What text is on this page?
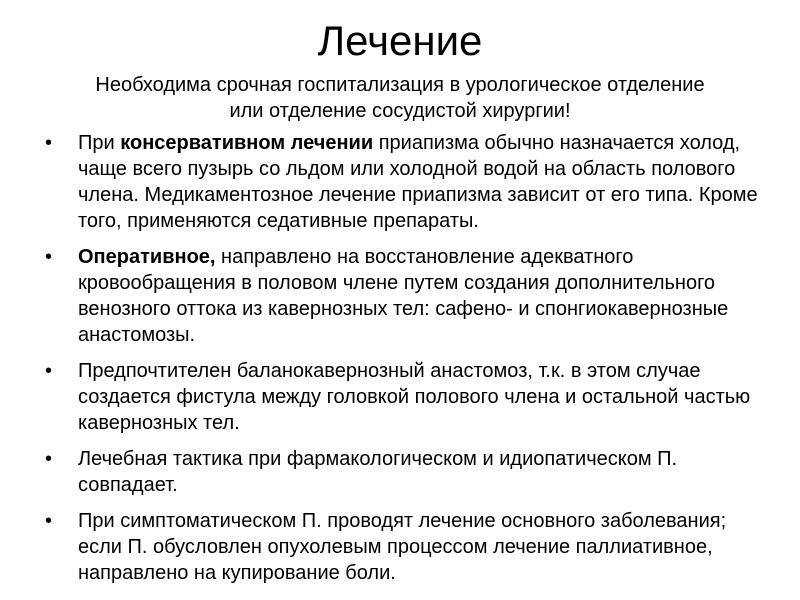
Лечение

Необходима срочная госпитализация в урологическое отделение
или отделение сосудистой хирургии!

• При консервативном лечении приапизма обычно назначается холод, чаще всего пузырь со льдом или холодной водой на область полового члена. Медикаментозное лечение приапизма зависит от его типа. Кроме того, применяются седативные препараты.
• Оперативное, направлено на восстановление адекватного кровообращения в половом члене путем создания дополнительного венозного оттока из кавернозных тел: сафено- и спонгиокавернозные анастомозы.
• Предпочтителен баланокавернозный анастомоз, т.к. в этом случае создается фистула между головкой полового члена и остальной частью кавернозных тел.
• Лечебная тактика при фармакологическом и идиопатическом П. совпадает.
• При симптоматическом П. проводят лечение основного заболевания; если П. обусловлен опухолевым процессом лечение паллиативное, направлено на купирование боли.
